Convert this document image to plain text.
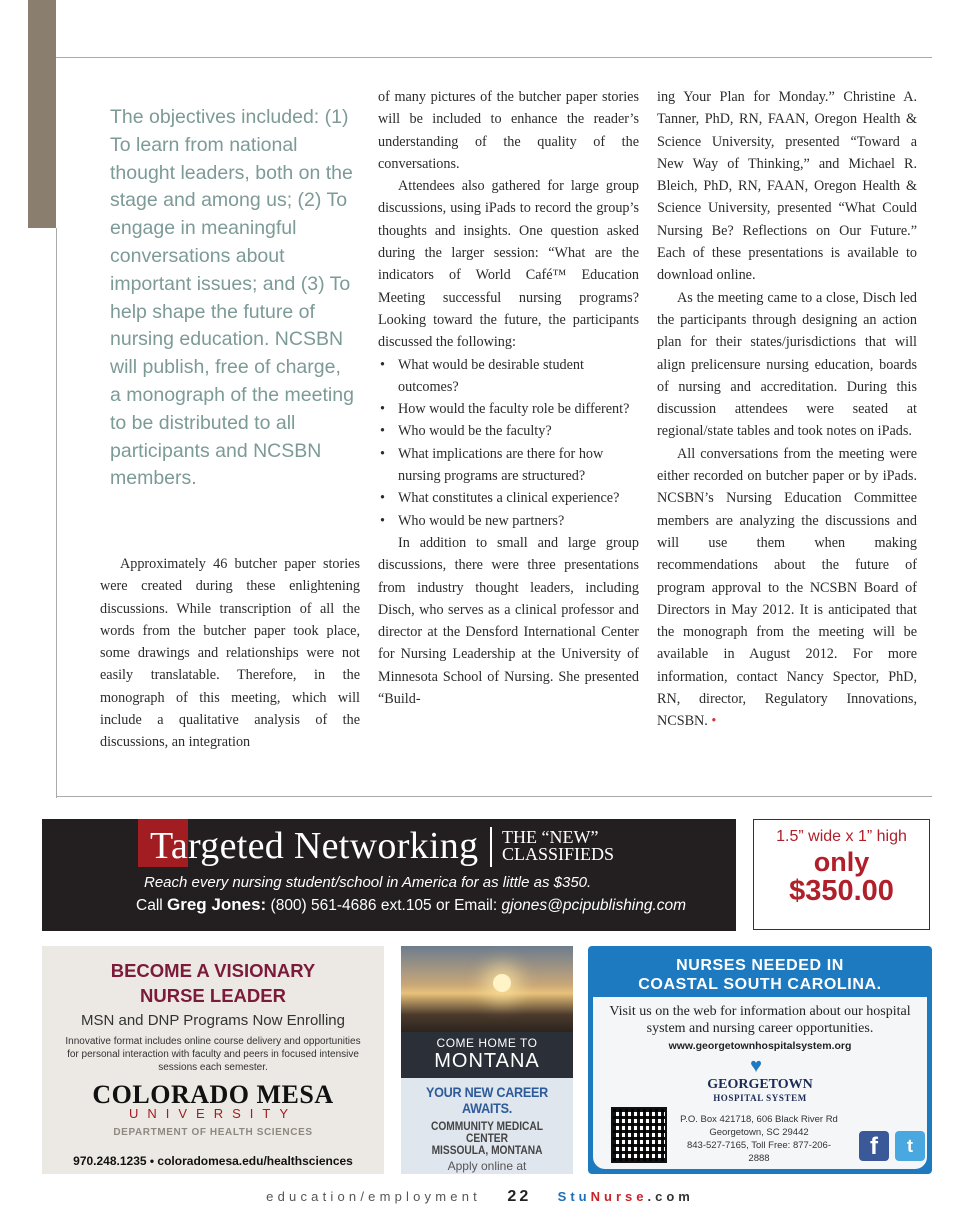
The objectives included: (1) To learn from national thought leaders, both on the stage and among us; (2) To engage in meaningful conversations about important issues; and (3) To help shape the future of nursing education. NCSBN will publish, free of charge, a monograph of the meeting to be distributed to all participants and NCSBN members.

Approximately 46 butcher paper stories were created during these enlightening discussions. While transcription of all the words from the butcher paper took place, some drawings and relationships were not easily translatable. Therefore, in the monograph of this meeting, which will include a qualitative analysis of the discussions, an integration

of many pictures of the butcher paper stories will be included to enhance the reader’s understanding of the quality of the conversations.

Attendees also gathered for large group discussions, using iPads to record the group’s thoughts and insights. One question asked during the larger session: “What are the indicators of World Café™ Education Meeting successful nursing programs? Looking toward the future, the participants discussed the following:

• What would be desirable student outcomes?
• How would the faculty role be different?
• Who would be the faculty?
• What implications are there for how nursing programs are structured?
• What constitutes a clinical experience?
• Who would be new partners?

In addition to small and large group discussions, there were three presentations from industry thought leaders, including Disch, who serves as a clinical professor and director at the Densford International Center for Nursing Leadership at the University of Minnesota School of Nursing. She presented “Build-

ing Your Plan for Monday.” Christine A. Tanner, PhD, RN, FAAN, Oregon Health & Science University, presented “Toward a New Way of Thinking,” and Michael R. Bleich, PhD, RN, FAAN, Oregon Health & Science University, presented “What Could Nursing Be? Reflections on Our Future.” Each of these presentations is available to download online.

As the meeting came to a close, Disch led the participants through designing an action plan for their states/jurisdictions that will align prelicensure nursing education, boards of nursing and accreditation. During this discussion attendees were seated at regional/state tables and took notes on iPads.

All conversations from the meeting were either recorded on butcher paper or by iPads. NCSBN’s Nursing Education Committee members are analyzing the discussions and will use them when making recommendations about the future of program approval to the NCSBN Board of Directors in May 2012. It is anticipated that the monograph from the meeting will be available in August 2012. For more information, contact Nancy Spector, PhD, RN, director, Regulatory Innovations, NCSBN. •

Targeted Networking THE “NEW”
CLASSIFIEDS
Reach every nursing student/school in America for as little as $350.
Call Greg Jones: (800) 561-4686 ext.105 or Email: gjones@pcipublishing.com
1.5” wide x 1” high
only
$350.00
BECOME A VISIONARY
NURSE LEADER
MSN and DNP Programs Now Enrolling
Innovative format includes online course delivery and opportunities for personal interaction with faculty and peers in focused intensive sessions each semester.
COLORADO MESA
UNIVERSITY
DEPARTMENT OF HEALTH SCIENCES
970.248.1235 • coloradomesa.edu/healthsciences
COME HOME TO
MONTANA
YOUR NEW CAREER AWAITS.
COMMUNITY MEDICAL CENTER
MISSOULA, MONTANA
Apply online at
NURSES NEEDED IN
COASTAL SOUTH CAROLINA.
Visit us on the web for information about our hospital system and nursing career opportunities.
www.georgetownhospitalsystem.org
♥
GEORGETOWN
HOSPITAL SYSTEM
P.O. Box 421718, 606 Black River Rd
Georgetown, SC 29442
843-527-7165, Toll Free: 877-206-2888	f	t
education/employment 22 StuNurse.com
